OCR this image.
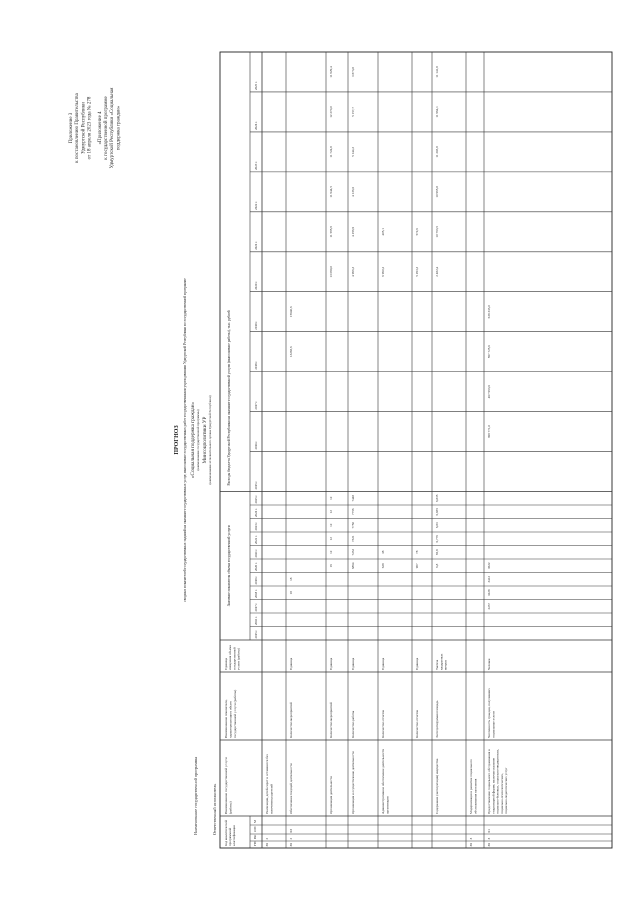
Приложение 3 к постановлению Правительства Удмуртской Республики от 18 апреля 2023 года № 278 «Приложение 4 к государственной программе Удмуртской Республики «Социальная поддержка граждан»
ПРОГНОЗ сводных показателей государственных заданий на оказание государственных услуг, выполнение государственных работ государственными учреждениями Удмуртской Республики по государственной программе «Социальная поддержка граждан» (наименование государственной программы) Минсоцполитики УР (наименование исполнительного органа Удмуртской Республики)
Наименование государственной программы	Ответственный исполнитель Код аналитической программной классификации	ГП
Пп
ОМ
М
Наименование государственной услуги (работы)
Наименование показателя, характеризующего объем государственной услуги (работы)
Единица измерения объема государственной услуги (работы)
Значение показателя объема государственной услуги
Расходы бюджета Удмуртской Республики на оказание государственной услуги (выполнение работы), тыс. рублей
2015 г.
2015 г.
2016 г.
2016 г.
2017 г.
2017 г.
2018 г.
2018 г.
2019 г.
2019 г.
2020 г.
2020 г.
2021 г.
2021 г.
2022 г.
2022 г.
2023 г.
2023 г.
2024 г.
2024 г.
2025 г.
2025 г.
30
2
Реализация, детей-сирот и оставшихся без попечения родителей
30
2
03
Обеспечение текущей деятельности
Количество мероприятий
Единица
18
18
13283,6
15640,6
Организация деятельности
Количество мероприятий
Единица
16
12
12
12
12
12
13 090,0
11 595,9
11 944,5
11 724,8
12 270,0
11 929,4
Организация и осуществление деятельности
Количество работы
Единица
6864
7232
7321
7750
7756
7448
4 966,3
4 256,9
4 136,6
5 144,3
5 157,7
3 873,8
Административное обеспечение деятельности организации
Количество отчетов
Единица
628
38
6 960,2
405,1
Количество отчетов
Единица
907
78
5 293,3
572,6
Содержание (эксплуатация) имущества
Эксплуатируемая площадь
Тысяча квадратных метров
6,8
65,8
6,776
6,83
6,835
6,835
2 482,4
10 763,5
10 965,8
11 203,8
11 964,1
11 141,8
30
3
Модернизация и развитие социального обслуживания населения
30
3
01
Предоставление социального обслуживания в стационарной форме, включая оказание социально-бытовых, социально-медицинских, социально-психологических, социально-педагогических услуг
Численность граждан, получивших социальные услуги
Человек
2237
3228
3412
3622
398 771,0
467 963,6
597 725,6
638 333,0
